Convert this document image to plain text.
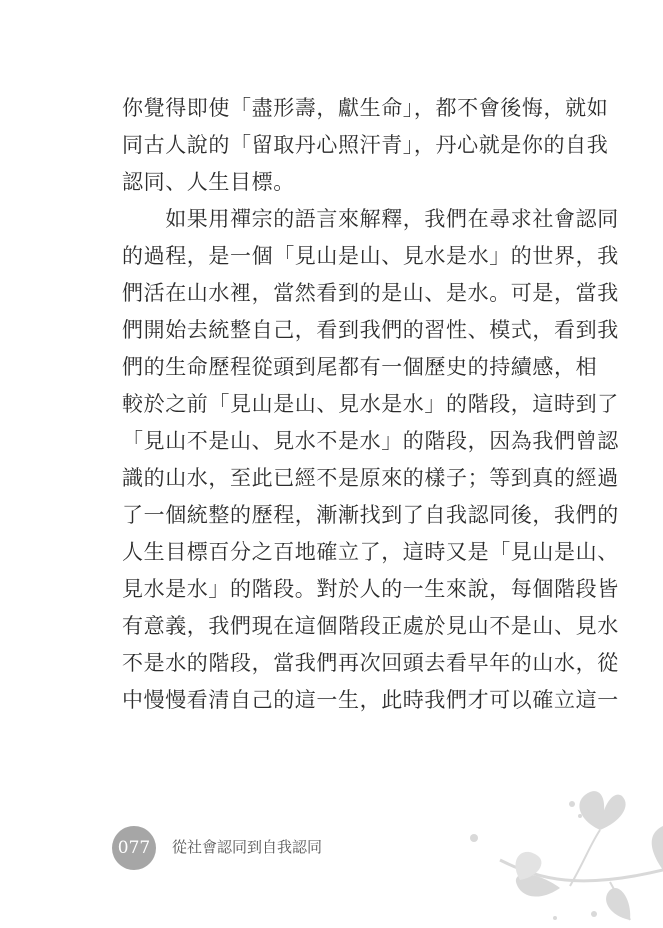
你覺得即使「盡形壽，獻生命」，都不會後悔，就如
同古人說的「留取丹心照汗青」，丹心就是你的自我
認同、人生目標。
　　如果用禪宗的語言來解釋，我們在尋求社會認同
的過程，是一個「見山是山、見水是水」的世界，我
們活在山水裡，當然看到的是山、是水。可是，當我
們開始去統整自己，看到我們的習性、模式，看到我
們的生命歷程從頭到尾都有一個歷史的持續感，相
較於之前「見山是山、見水是水」的階段，這時到了
「見山不是山、見水不是水」的階段，因為我們曾認
識的山水，至此已經不是原來的樣子；等到真的經過
了一個統整的歷程，漸漸找到了自我認同後，我們的
人生目標百分之百地確立了，這時又是「見山是山、
見水是水」的階段。對於人的一生來說，每個階段皆
有意義，我們現在這個階段正處於見山不是山、見水
不是水的階段，當我們再次回頭去看早年的山水，從
中慢慢看清自己的這一生，此時我們才可以確立這一
077 從社會認同到自我認同
